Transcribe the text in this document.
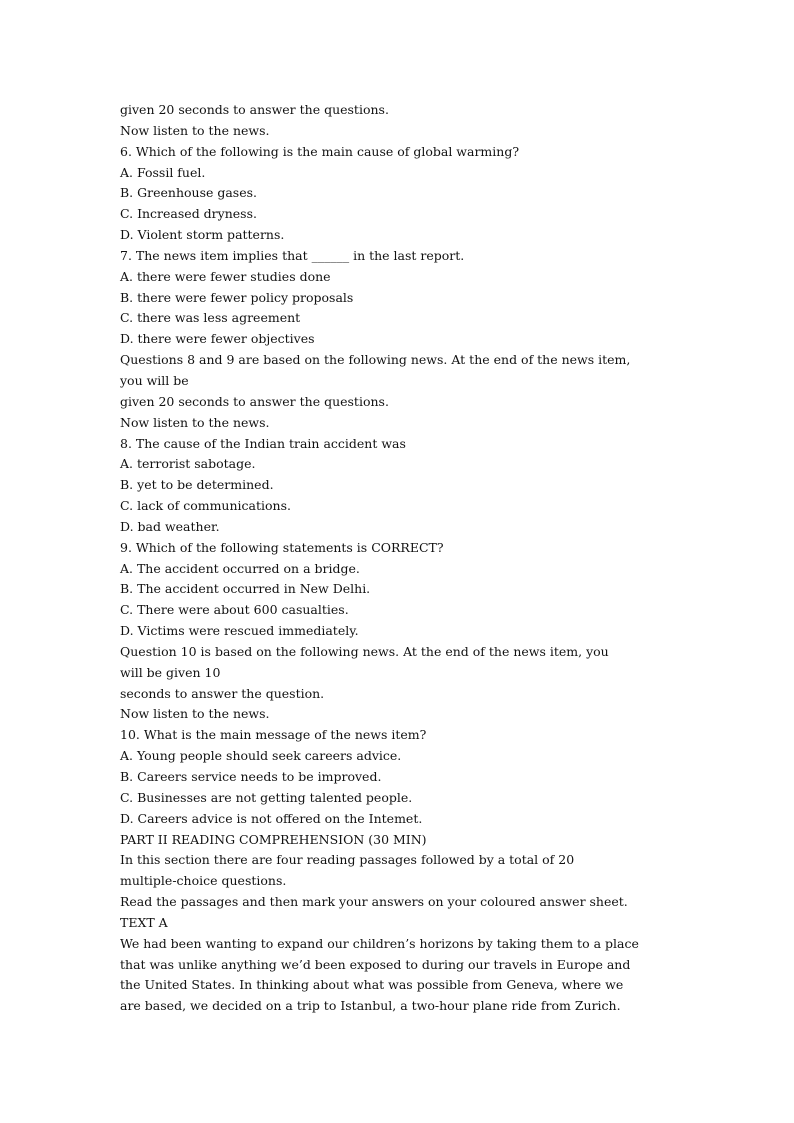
given 20 seconds to answer the questions.
Now listen to the news.
6. Which of the following is the main cause of global warming?
A. Fossil fuel.
B. Greenhouse gases.
C. Increased dryness.
D. Violent storm patterns.
7. The news item implies that ______ in the last report.
A. there were fewer studies done
B. there were fewer policy proposals
C. there was less agreement
D. there were fewer objectives
Questions 8 and 9 are based on the following news. At the end of the news item,
you will be
given 20 seconds to answer the questions.
Now listen to the news.
8. The cause of the Indian train accident was
A. terrorist sabotage.
B. yet to be determined.
C. lack of communications.
D. bad weather.
9. Which of the following statements is CORRECT?
A. The accident occurred on a bridge.
B. The accident occurred in New Delhi.
C. There were about 600 casualties.
D. Victims were rescued immediately.
Question 10 is based on the following news. At the end of the news item, you
will be given 10
seconds to answer the question.
Now listen to the news.
10. What is the main message of the news item?
A. Young people should seek careers advice.
B. Careers service needs to be improved.
C. Businesses are not getting talented people.
D. Careers advice is not offered on the Intemet.
PART II READING COMPREHENSION (30 MIN)
In this section there are four reading passages followed by a total of 20
multiple-choice questions.
Read the passages and then mark your answers on your coloured answer sheet.
TEXT A
We had been wanting to expand our children’s horizons by taking them to a place
that was unlike anything we’d been exposed to during our travels in Europe and
the United States. In thinking about what was possible from Geneva, where we
are based, we decided on a trip to Istanbul, a two-hour plane ride from Zurich.
